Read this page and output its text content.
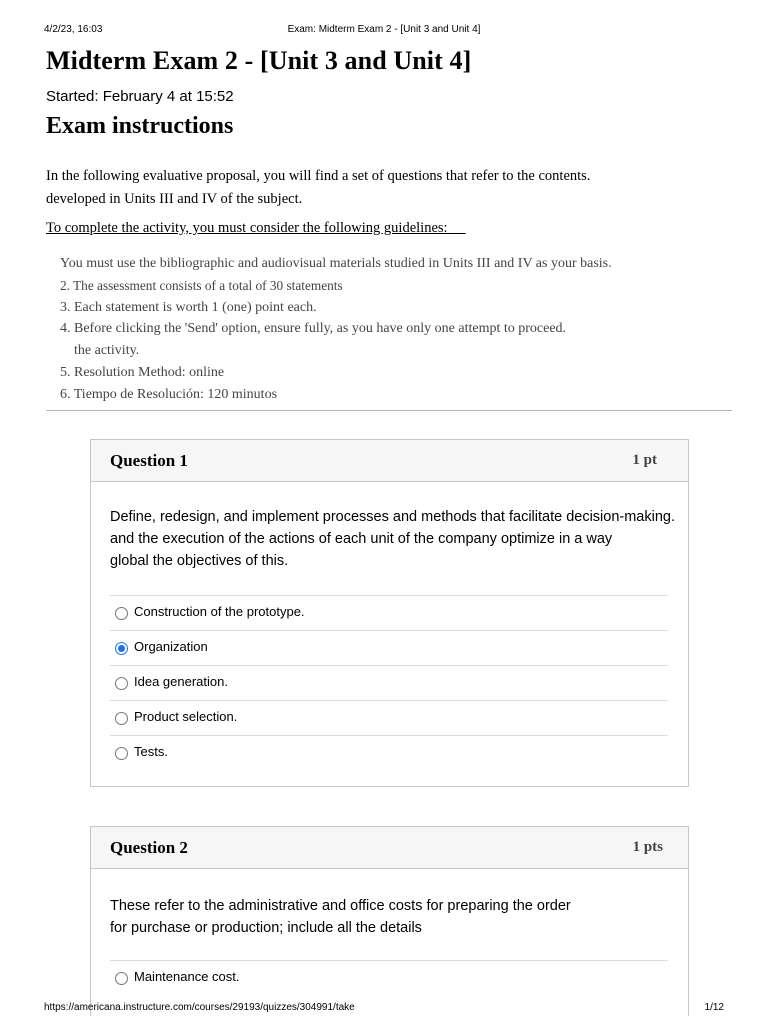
4/2/23, 16:03	Exam: Midterm Exam 2 - [Unit 3 and Unit 4]
Midterm Exam 2 - [Unit 3 and Unit 4]
Started: February 4 at 15:52
Exam instructions
In the following evaluative proposal, you will find a set of questions that refer to the contents.
developed in Units III and IV of the subject.
To complete the activity, you must consider the following guidelines:
You must use the bibliographic and audiovisual materials studied in Units III and IV as your basis.
2. The assessment consists of a total of 30 statements
3. Each statement is worth 1 (one) point each.
4. Before clicking the 'Send' option, ensure fully, as you have only one attempt to proceed.
the activity.
5. Resolution Method: online
6. Tiempo de Resolución: 120 minutos
Question 1	1 pt
Define, redesign, and implement processes and methods that facilitate decision-making.
and the execution of the actions of each unit of the company optimize in a way
global the objectives of this.
Construction of the prototype.
Organization
Idea generation.
Product selection.
Tests.
Question 2	1 pts
These refer to the administrative and office costs for preparing the order
for purchase or production; include all the details
Maintenance cost.
https://americana.instructure.com/courses/29193/quizzes/304991/take	1/12
